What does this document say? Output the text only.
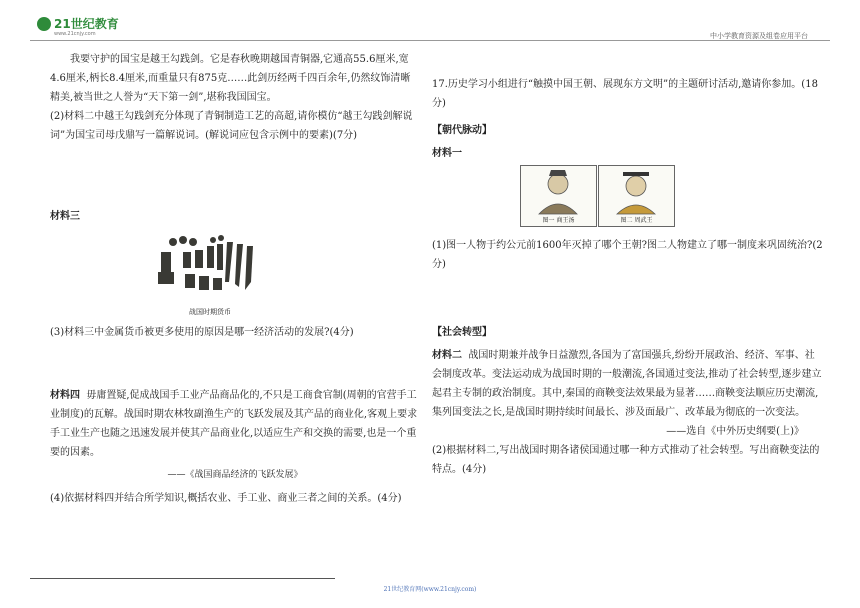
21世纪教育
www.21cnjy.com	中小学教育资源及组卷应用平台

我要守护的国宝是越王勾践剑。它是春秋晚期越国青铜器,它通高55.6厘米,宽4.6厘米,柄长8.4厘米,而重量只有875克……此剑历经两千四百余年,仍然纹饰清晰精美,被当世之人誉为“天下第一剑”,堪称我国国宝。

(2)材料二中越王勾践剑充分体现了青铜制造工艺的高超,请你模仿“越王勾践剑解说词”为国宝司母戊鼎写一篇解说词。(解说词应包含示例中的要素)(7分)

材料三
战国时期货币
(3)材料三中金属货币被更多使用的原因是哪一经济活动的发展?(4分)

材料四 毋庸置疑,促成战国手工业产品商品化的,不只是工商食官制(周朝的官营手工业制度)的瓦解。战国时期农林牧副渔生产的飞跃发展及其产品的商业化,客观上要求手工业生产也随之迅速发展并使其产品商业化,以适应生产和交换的需要,也是一个重要的因素。

——《战国商品经济的飞跃发展》

(4)依据材料四并结合所学知识,概括农业、手工业、商业三者之间的关系。(4分)

17.历史学习小组进行“触摸中国王朝、展现东方文明”的主题研讨活动,邀请你参加。(18分)
【朝代脉动】
材料一
图一 商王汤	图二 周武王
(1)图一人物于约公元前1600年灭掉了哪个王朝?图二人物建立了哪一制度来巩固统治?(2分)
【社会转型】

材料二 战国时期兼并战争日益激烈,各国为了富国强兵,纷纷开展政治、经济、军事、社会制度改革。变法运动成为战国时期的一般潮流,各国通过变法,推动了社会转型,逐步建立起君主专制的政治制度。其中,秦国的商鞅变法效果最为显著……商鞅变法顺应历史潮流,集列国变法之长,是战国时期持续时间最长、涉及面最广、改革最为彻底的一次变法。

——选自《中外历史纲要(上)》

(2)根据材料二,写出战国时期各诸侯国通过哪一种方式推动了社会转型。写出商鞅变法的特点。(4分)

21世纪教育网(www.21cnjy.com)
